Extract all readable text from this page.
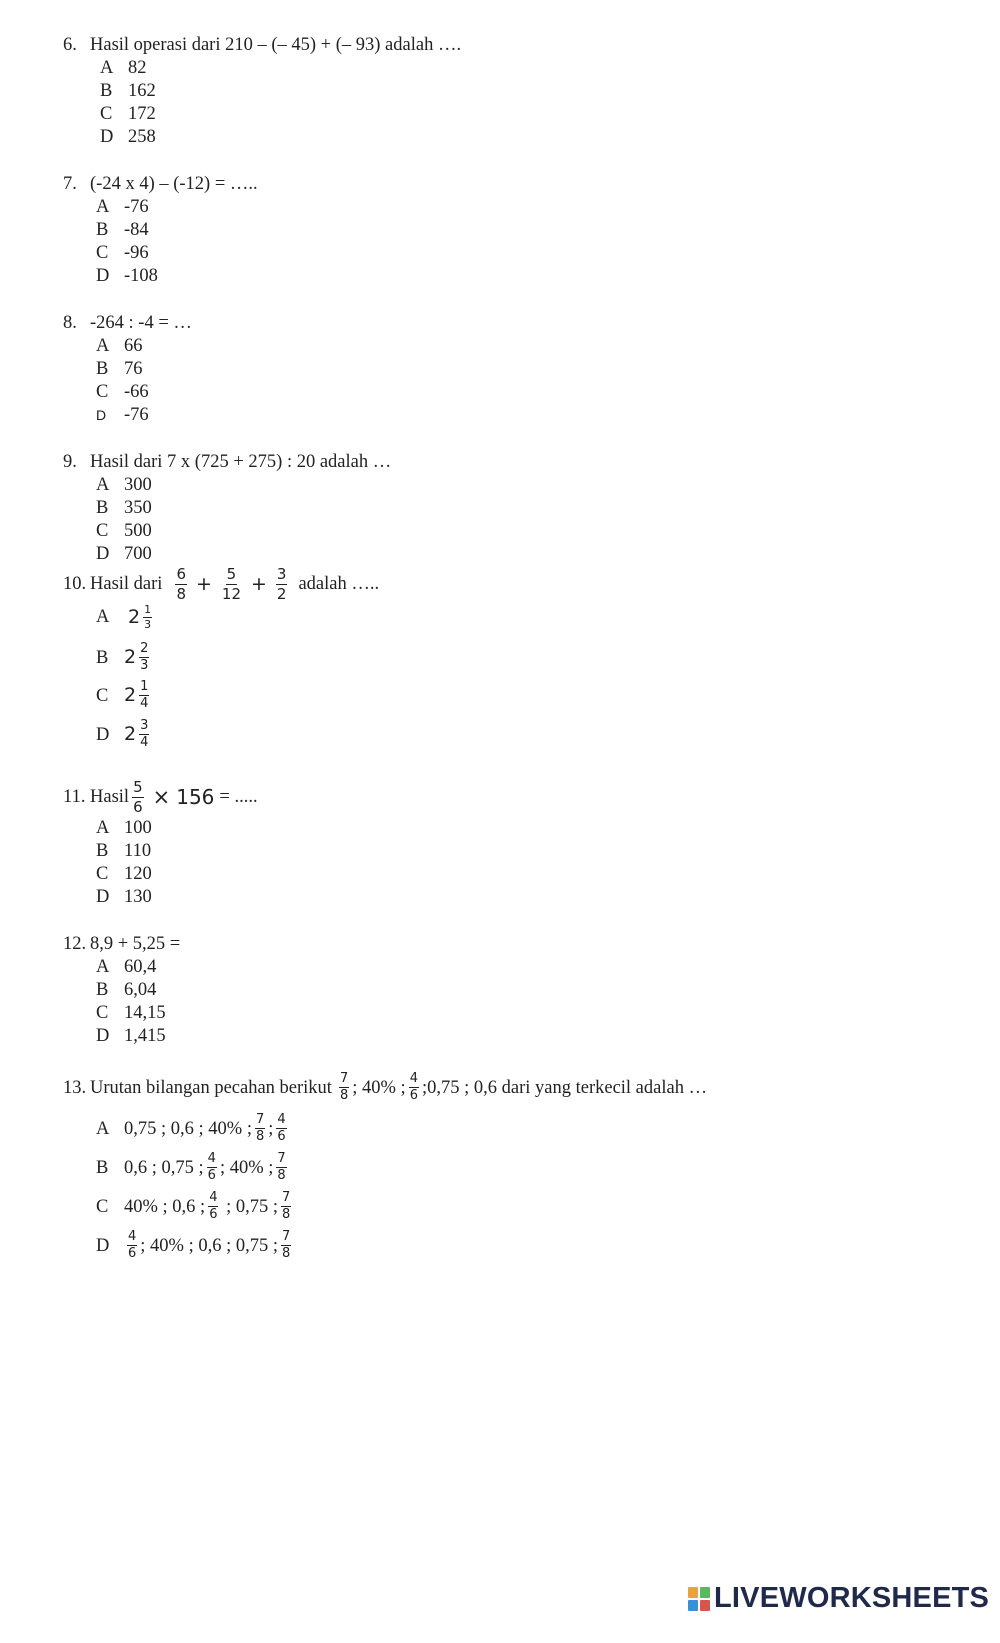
6. Hasil operasi dari 210 – (– 45) + (– 93) adalah ….
A 82
B 162
C 172
D 258
7. (-24 x 4) – (-12) = …..
A -76
B -84
C -96
D -108
8. -264 : -4 = …
A 66
B 76
C -66
D -76
9. Hasil dari 7 x (725 + 275) : 20 adalah …
A 300
B 350
C 500
D 700
10. Hasil dari $\frac{6}{8} + \frac{5}{12} + \frac{3}{2}$ adalah …..
A $2 \frac{1}{3}$
B $2 \frac{2}{3}$
C $2 \frac{1}{4}$
D $2 \frac{3}{4}$
11. Hasil $\frac{5}{6} \times 156$ = .....
A 100
B 110
C 120
D 130
12. 8,9 + 5,25 =
A 60,4
B 6,04
C 14,15
D 1,415
13. Urutan bilangan pecahan berikut $\frac{7}{8}$ ; 40% ; $\frac{4}{6}$ ;0,75 ; 0,6 dari yang terkecil adalah …
A 0,75 ; 0,6 ; 40% ; $\frac{7}{8}$ ; $\frac{4}{6}$
B 0,6 ; 0,75 ; $\frac{4}{6}$ ; 40% ; $\frac{7}{8}$
C 40% ; 0,6 ; $\frac{4}{6}$ ; 0,75 ; $\frac{7}{8}$
D	$\frac{4}{6}$ ; 40% ; 0,6 ; 0,75 ; $\frac{7}{8}$
LIVEWORKSHEETS
